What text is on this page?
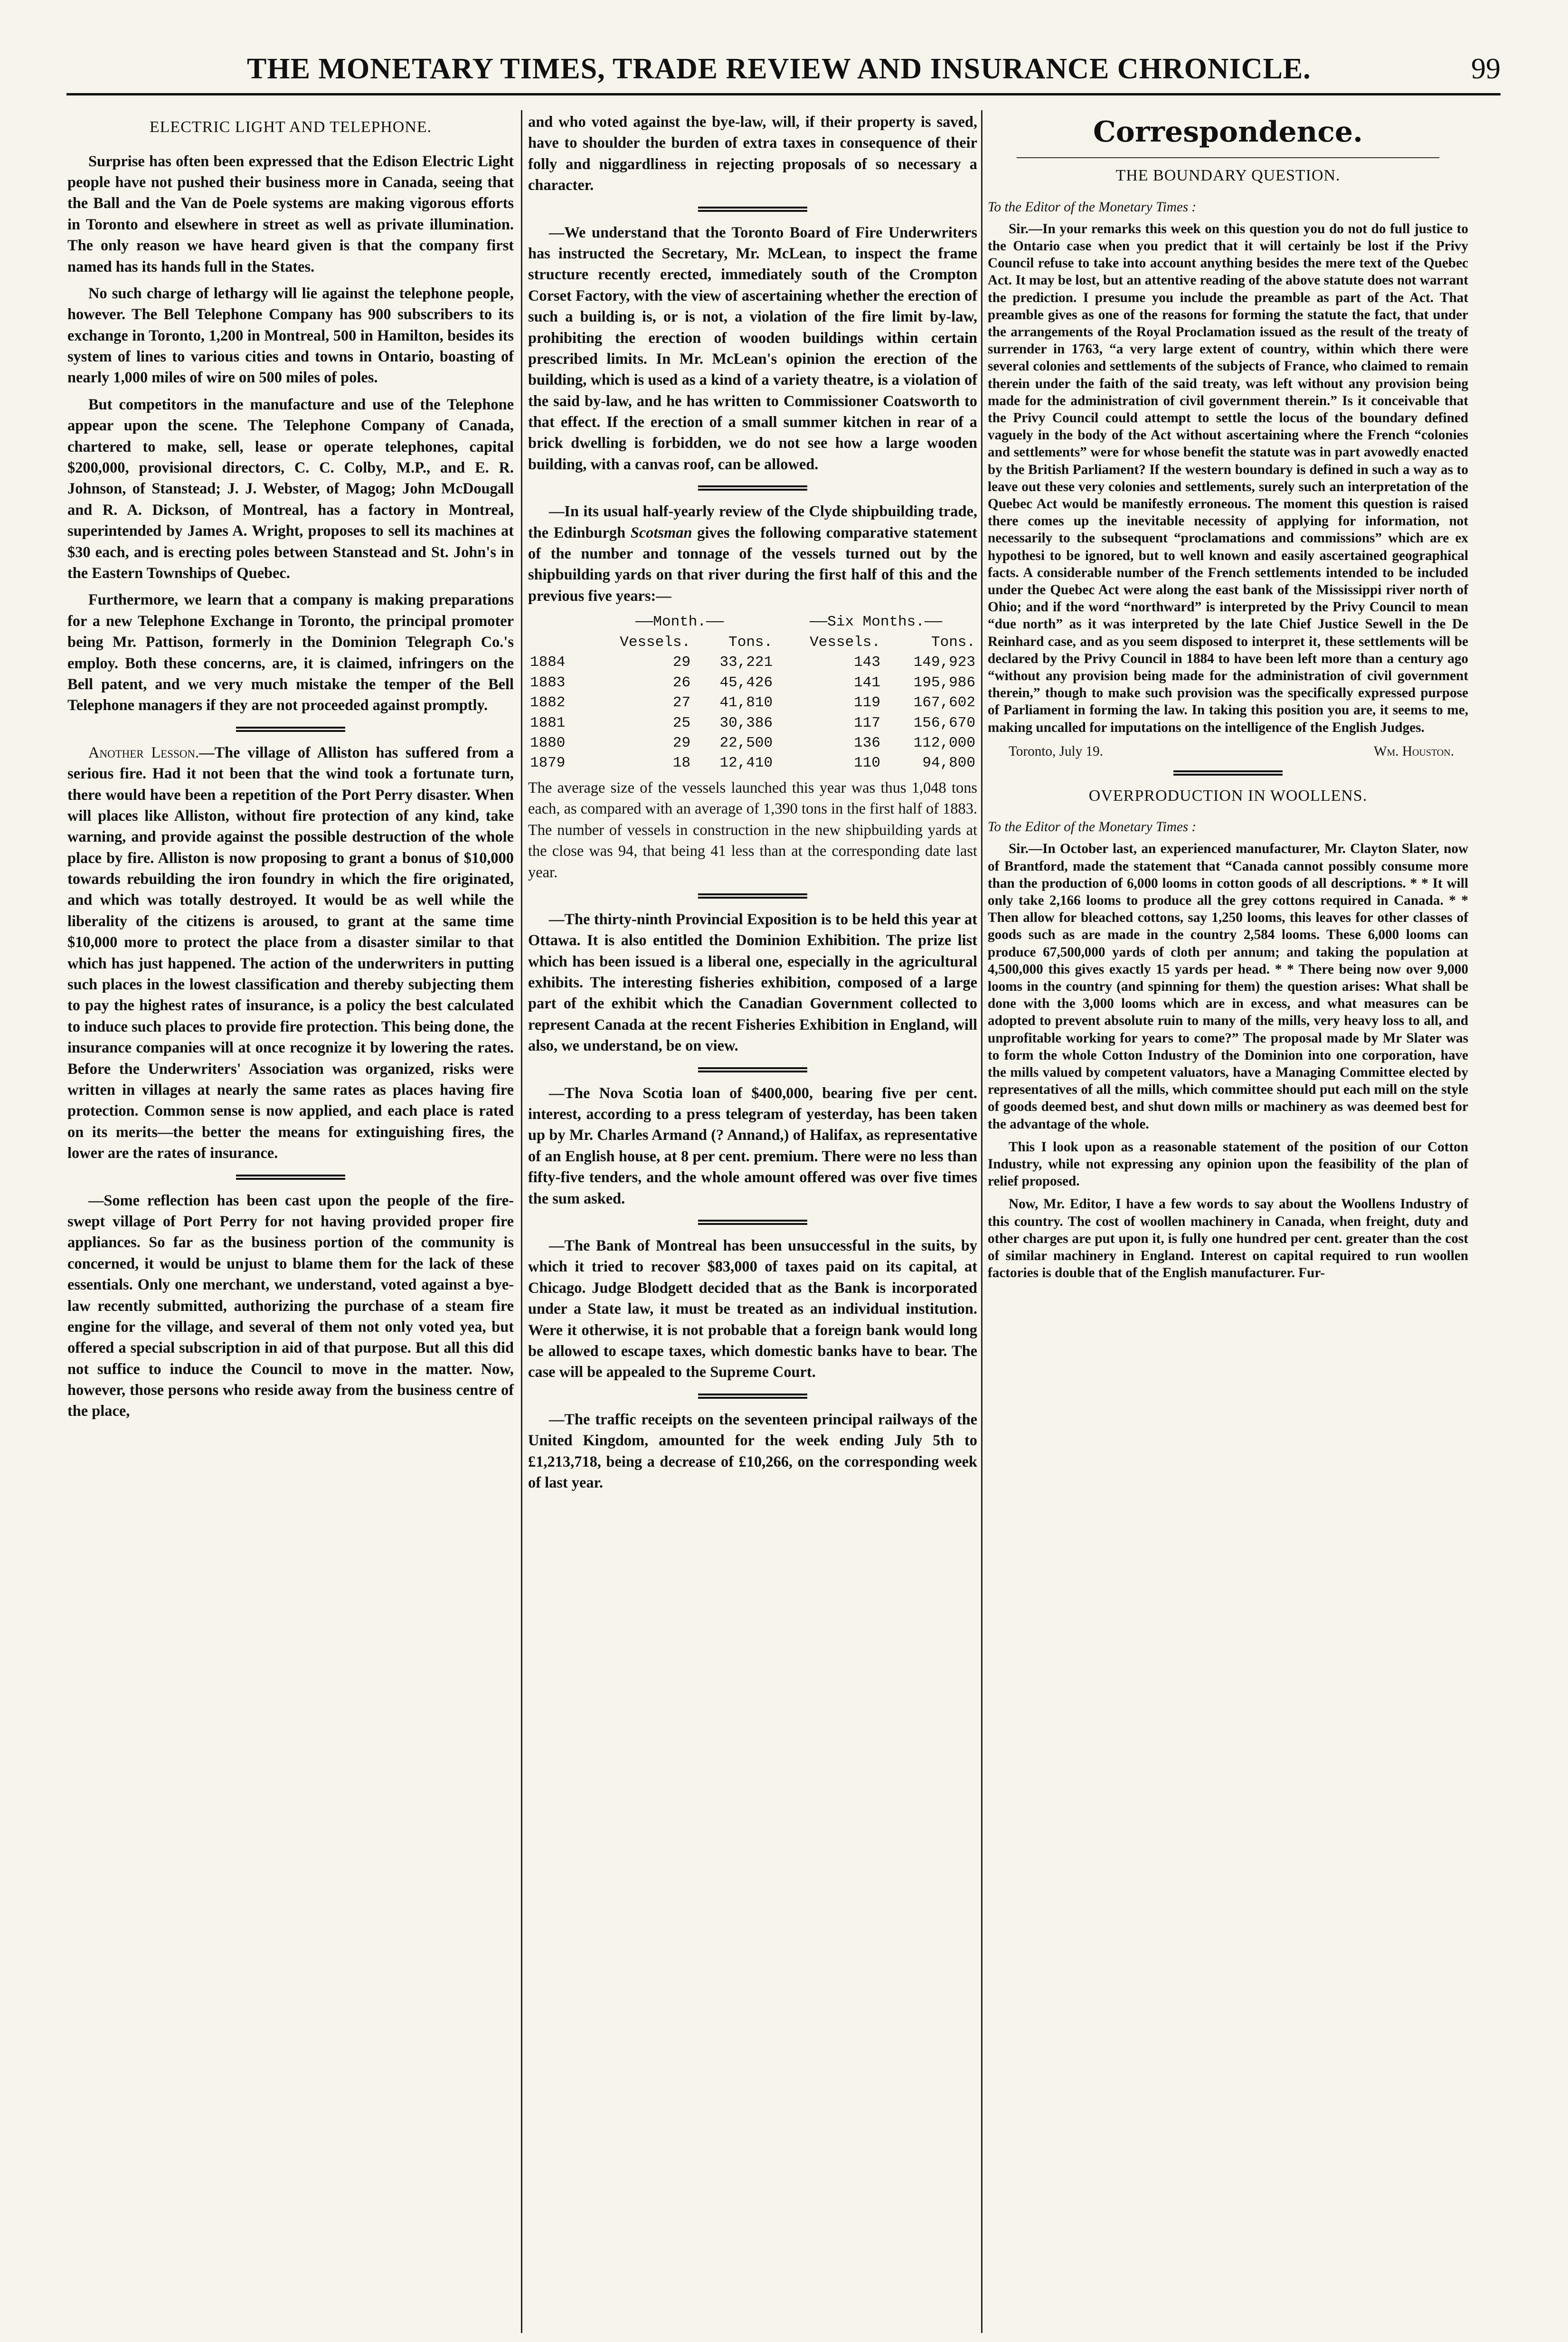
THE MONETARY TIMES, TRADE REVIEW AND INSURANCE CHRONICLE.	99
ELECTRIC LIGHT AND TELEPHONE.

Surprise has often been expressed that the Edison Electric Light people have not pushed their business more in Canada, seeing that the Ball and the Van de Poele systems are making vigorous efforts in Toronto and elsewhere in street as well as private illumination. The only reason we have heard given is that the company first named has its hands full in the States.

No such charge of lethargy will lie against the telephone people, however. The Bell Telephone Company has 900 subscribers to its exchange in Toronto, 1,200 in Montreal, 500 in Hamilton, besides its system of lines to various cities and towns in Ontario, boasting of nearly 1,000 miles of wire on 500 miles of poles.

But competitors in the manufacture and use of the Telephone appear upon the scene. The Telephone Company of Canada, chartered to make, sell, lease or operate telephones, capital $200,000, provisional directors, C. C. Colby, M.P., and E. R. Johnson, of Stanstead; J. J. Webster, of Magog; John McDougall and R. A. Dickson, of Montreal, has a factory in Montreal, superintended by James A. Wright, proposes to sell its machines at $30 each, and is erecting poles between Stanstead and St. John's in the Eastern Townships of Quebec.

Furthermore, we learn that a company is making preparations for a new Telephone Exchange in Toronto, the principal promoter being Mr. Pattison, formerly in the Dominion Telegraph Co.'s employ. Both these concerns, are, it is claimed, infringers on the Bell patent, and we very much mistake the temper of the Bell Telephone managers if they are not proceeded against promptly.

Another Lesson.—The village of Alliston has suffered from a serious fire. Had it not been that the wind took a fortunate turn, there would have been a repetition of the Port Perry disaster. When will places like Alliston, without fire protection of any kind, take warning, and provide against the possible destruction of the whole place by fire. Alliston is now proposing to grant a bonus of $10,000 towards rebuilding the iron foundry in which the fire originated, and which was totally destroyed. It would be as well while the liberality of the citizens is aroused, to grant at the same time $10,000 more to protect the place from a disaster similar to that which has just happened. The action of the underwriters in putting such places in the lowest classification and thereby subjecting them to pay the highest rates of insurance, is a policy the best calculated to induce such places to provide fire protection. This being done, the insurance companies will at once recognize it by lowering the rates. Before the Underwriters' Association was organized, risks were written in villages at nearly the same rates as places having fire protection. Common sense is now applied, and each place is rated on its merits—the better the means for extinguishing fires, the lower are the rates of insurance.

—Some reflection has been cast upon the people of the fire-swept village of Port Perry for not having provided proper fire appliances. So far as the business portion of the community is concerned, it would be unjust to blame them for the lack of these essentials. Only one merchant, we understand, voted against a bye-law recently submitted, authorizing the purchase of a steam fire engine for the village, and several of them not only voted yea, but offered a special subscription in aid of that purpose. But all this did not suffice to induce the Council to move in the matter. Now, however, those persons who reside away from the business centre of the place,

and who voted against the bye-law, will, if their property is saved, have to shoulder the burden of extra taxes in consequence of their folly and niggardliness in rejecting proposals of so necessary a character.

—We understand that the Toronto Board of Fire Underwriters has instructed the Secretary, Mr. McLean, to inspect the frame structure recently erected, immediately south of the Crompton Corset Factory, with the view of ascertaining whether the erection of such a building is, or is not, a violation of the fire limit by-law, prohibiting the erection of wooden buildings within certain prescribed limits. In Mr. McLean's opinion the erection of the building, which is used as a kind of a variety theatre, is a violation of the said by-law, and he has written to Commissioner Coatsworth to that effect. If the erection of a small summer kitchen in rear of a brick dwelling is forbidden, we do not see how a large wooden building, with a canvas roof, can be allowed.

—In its usual half-yearly review of the Clyde shipbuilding trade, the Edinburgh Scotsman gives the following comparative statement of the number and tonnage of the vessels turned out by the shipbuilding yards on that river during the first half of this and the previous five years:—

	——Month.——		——Six Months.——	
	Vessels.	Tons.	Vessels.	Tons.
1884	29	33,221	143	149,923
1883	26	45,426	141	195,986
1882	27	41,810	119	167,602
1881	25	30,386	117	156,670
1880	29	22,500	136	112,000
1879	18	12,410	110	94,800

The average size of the vessels launched this year was thus 1,048 tons each, as compared with an average of 1,390 tons in the first half of 1883. The number of vessels in construction in the new shipbuilding yards at the close was 94, that being 41 less than at the corresponding date last year.

—The thirty-ninth Provincial Exposition is to be held this year at Ottawa. It is also entitled the Dominion Exhibition. The prize list which has been issued is a liberal one, especially in the agricultural exhibits. The interesting fisheries exhibition, composed of a large part of the exhibit which the Canadian Government collected to represent Canada at the recent Fisheries Exhibition in England, will also, we understand, be on view.

—The Nova Scotia loan of $400,000, bearing five per cent. interest, according to a press telegram of yesterday, has been taken up by Mr. Charles Armand (? Annand,) of Halifax, as representative of an English house, at 8 per cent. premium. There were no less than fifty-five tenders, and the whole amount offered was over five times the sum asked.

—The Bank of Montreal has been unsuccessful in the suits, by which it tried to recover $83,000 of taxes paid on its capital, at Chicago. Judge Blodgett decided that as the Bank is incorporated under a State law, it must be treated as an individual institution. Were it otherwise, it is not probable that a foreign bank would long be allowed to escape taxes, which domestic banks have to bear. The case will be appealed to the Supreme Court.

—The traffic receipts on the seventeen principal railways of the United Kingdom, amounted for the week ending July 5th to £1,213,718, being a decrease of £10,266, on the corresponding week of last year.

Correspondence.
THE BOUNDARY QUESTION.
To the Editor of the Monetary Times :

Sir.—In your remarks this week on this question you do not do full justice to the Ontario case when you predict that it will certainly be lost if the Privy Council refuse to take into account anything besides the mere text of the Quebec Act. It may be lost, but an attentive reading of the above statute does not warrant the prediction. I presume you include the preamble as part of the Act. That preamble gives as one of the reasons for forming the statute the fact, that under the arrangements of the Royal Proclamation issued as the result of the treaty of surrender in 1763, “a very large extent of country, within which there were several colonies and settlements of the subjects of France, who claimed to remain therein under the faith of the said treaty, was left without any provision being made for the administration of civil government therein.” Is it conceivable that the Privy Council could attempt to settle the locus of the boundary defined vaguely in the body of the Act without ascertaining where the French “colonies and settlements” were for whose benefit the statute was in part avowedly enacted by the British Parliament? If the western boundary is defined in such a way as to leave out these very colonies and settlements, surely such an interpretation of the Quebec Act would be manifestly erroneous. The moment this question is raised there comes up the inevitable necessity of applying for information, not necessarily to the subsequent “proclamations and commissions” which are ex hypothesi to be ignored, but to well known and easily ascertained geographical facts. A considerable number of the French settlements intended to be included under the Quebec Act were along the east bank of the Mississippi river north of Ohio; and if the word “northward” is interpreted by the Privy Council to mean “due north” as it was interpreted by the late Chief Justice Sewell in the De Reinhard case, and as you seem disposed to interpret it, these settlements will be declared by the Privy Council in 1884 to have been left more than a century ago “without any provision being made for the administration of civil government therein,” though to make such provision was the specifically expressed purpose of Parliament in forming the law. In taking this position you are, it seems to me, making uncalled for imputations on the intelligence of the English Judges.

Toronto, July 19.	Wm. Houston.
OVERPRODUCTION IN WOOLLENS.
To the Editor of the Monetary Times :

Sir.—In October last, an experienced manufacturer, Mr. Clayton Slater, now of Brantford, made the statement that “Canada cannot possibly consume more than the production of 6,000 looms in cotton goods of all descriptions. * * It will only take 2,166 looms to produce all the grey cottons required in Canada. * * Then allow for bleached cottons, say 1,250 looms, this leaves for other classes of goods such as are made in the country 2,584 looms. These 6,000 looms can produce 67,500,000 yards of cloth per annum; and taking the population at 4,500,000 this gives exactly 15 yards per head. * * There being now over 9,000 looms in the country (and spinning for them) the question arises: What shall be done with the 3,000 looms which are in excess, and what measures can be adopted to prevent absolute ruin to many of the mills, very heavy loss to all, and unprofitable working for years to come?” The proposal made by Mr Slater was to form the whole Cotton Industry of the Dominion into one corporation, have the mills valued by competent valuators, have a Managing Committee elected by representatives of all the mills, which committee should put each mill on the style of goods deemed best, and shut down mills or machinery as was deemed best for the advantage of the whole.

This I look upon as a reasonable statement of the position of our Cotton Industry, while not expressing any opinion upon the feasibility of the plan of relief proposed.

Now, Mr. Editor, I have a few words to say about the Woollens Industry of this country. The cost of woollen machinery in Canada, when freight, duty and other charges are put upon it, is fully one hundred per cent. greater than the cost of similar machinery in England. Interest on capital required to run woollen factories is double that of the English manufacturer. Fur-
